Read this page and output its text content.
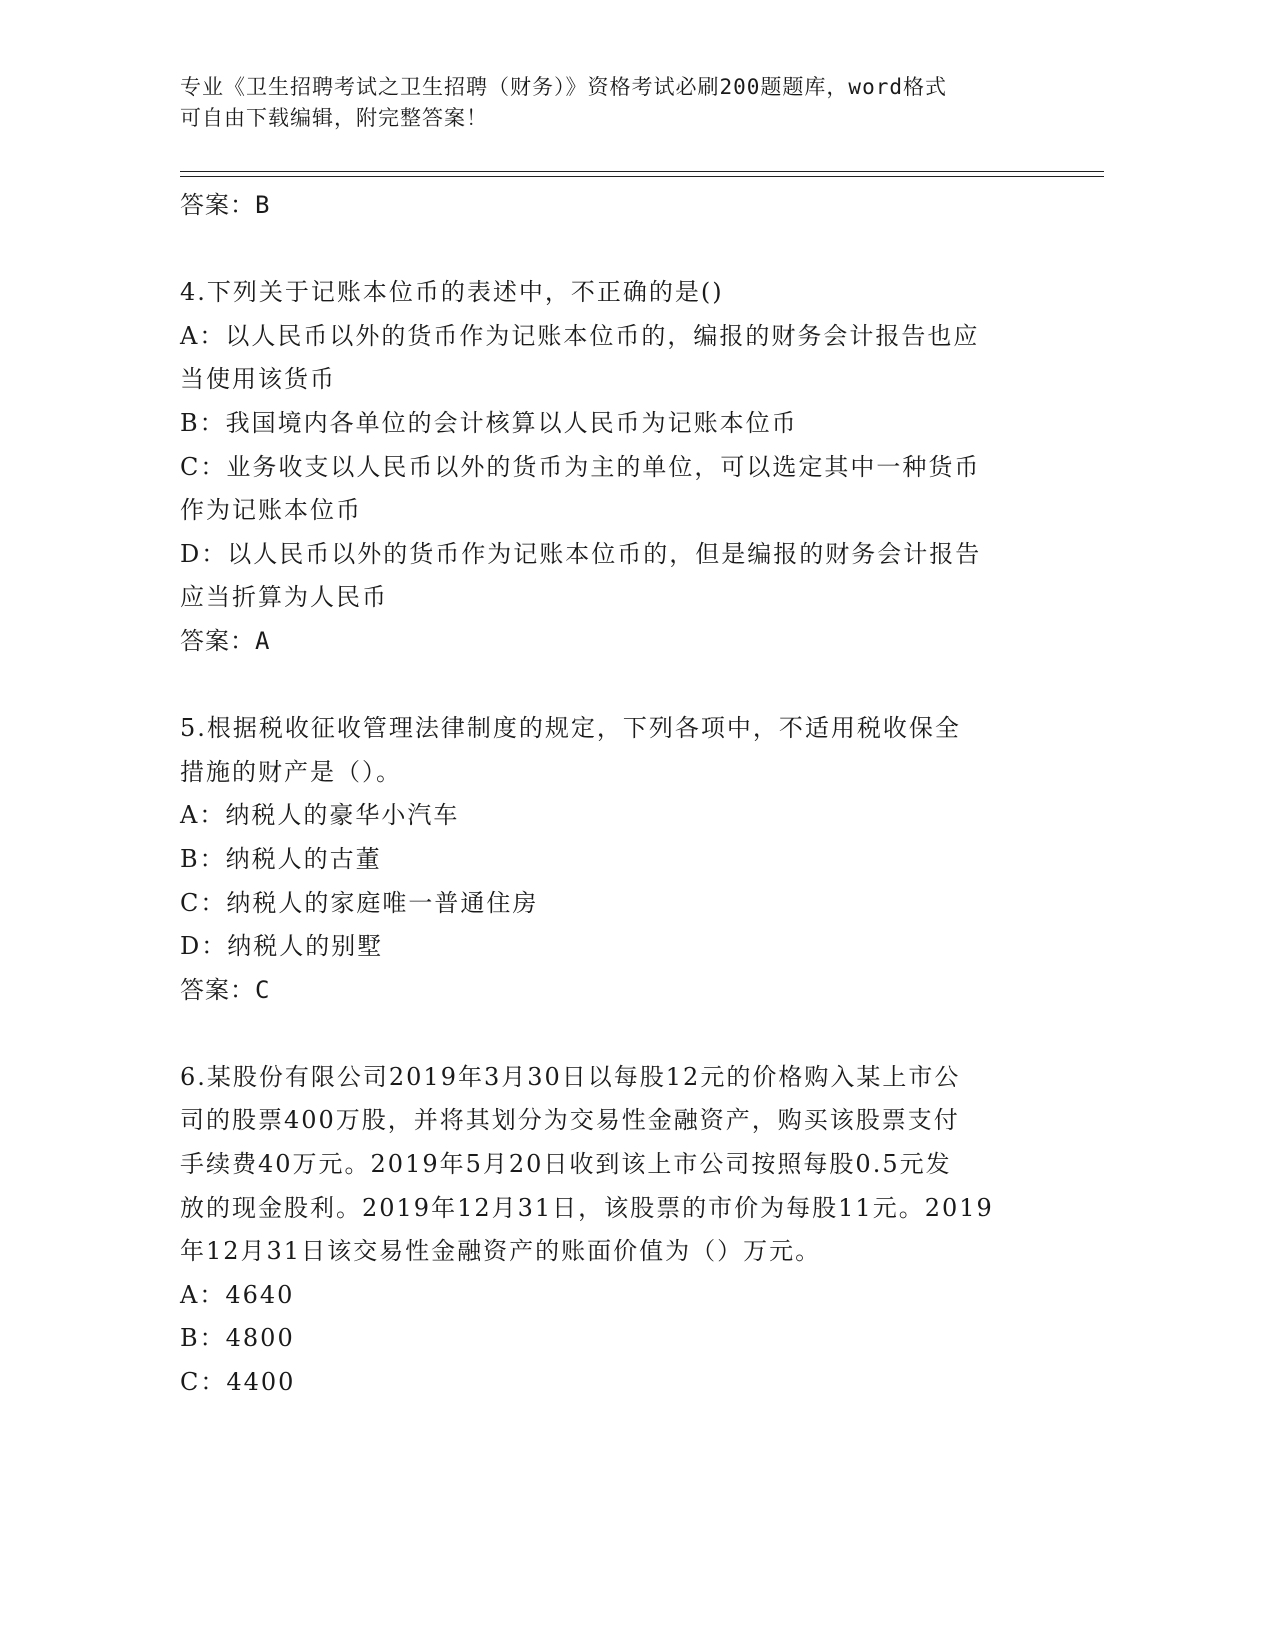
专业《卫生招聘考试之卫生招聘（财务）》资格考试必刷200题题库，word格式
可自由下载编辑，附完整答案！

答案：B

4.下列关于记账本位币的表述中，不正确的是()

A：以人民币以外的货币作为记账本位币的，编报的财务会计报告也应

当使用该货币

B：我国境内各单位的会计核算以人民币为记账本位币

C：业务收支以人民币以外的货币为主的单位，可以选定其中一种货币

作为记账本位币

D：以人民币以外的货币作为记账本位币的，但是编报的财务会计报告

应当折算为人民币

答案：A

5.根据税收征收管理法律制度的规定，下列各项中，不适用税收保全

措施的财产是（）。

A：纳税人的豪华小汽车

B：纳税人的古董

C：纳税人的家庭唯一普通住房

D：纳税人的别墅

答案：C

6.某股份有限公司2019年3月30日以每股12元的价格购入某上市公

司的股票400万股，并将其划分为交易性金融资产，购买该股票支付

手续费40万元。2019年5月20日收到该上市公司按照每股0.5元发

放的现金股利。2019年12月31日，该股票的市价为每股11元。2019

年12月31日该交易性金融资产的账面价值为（）万元。

A：4640

B：4800

C：4400
